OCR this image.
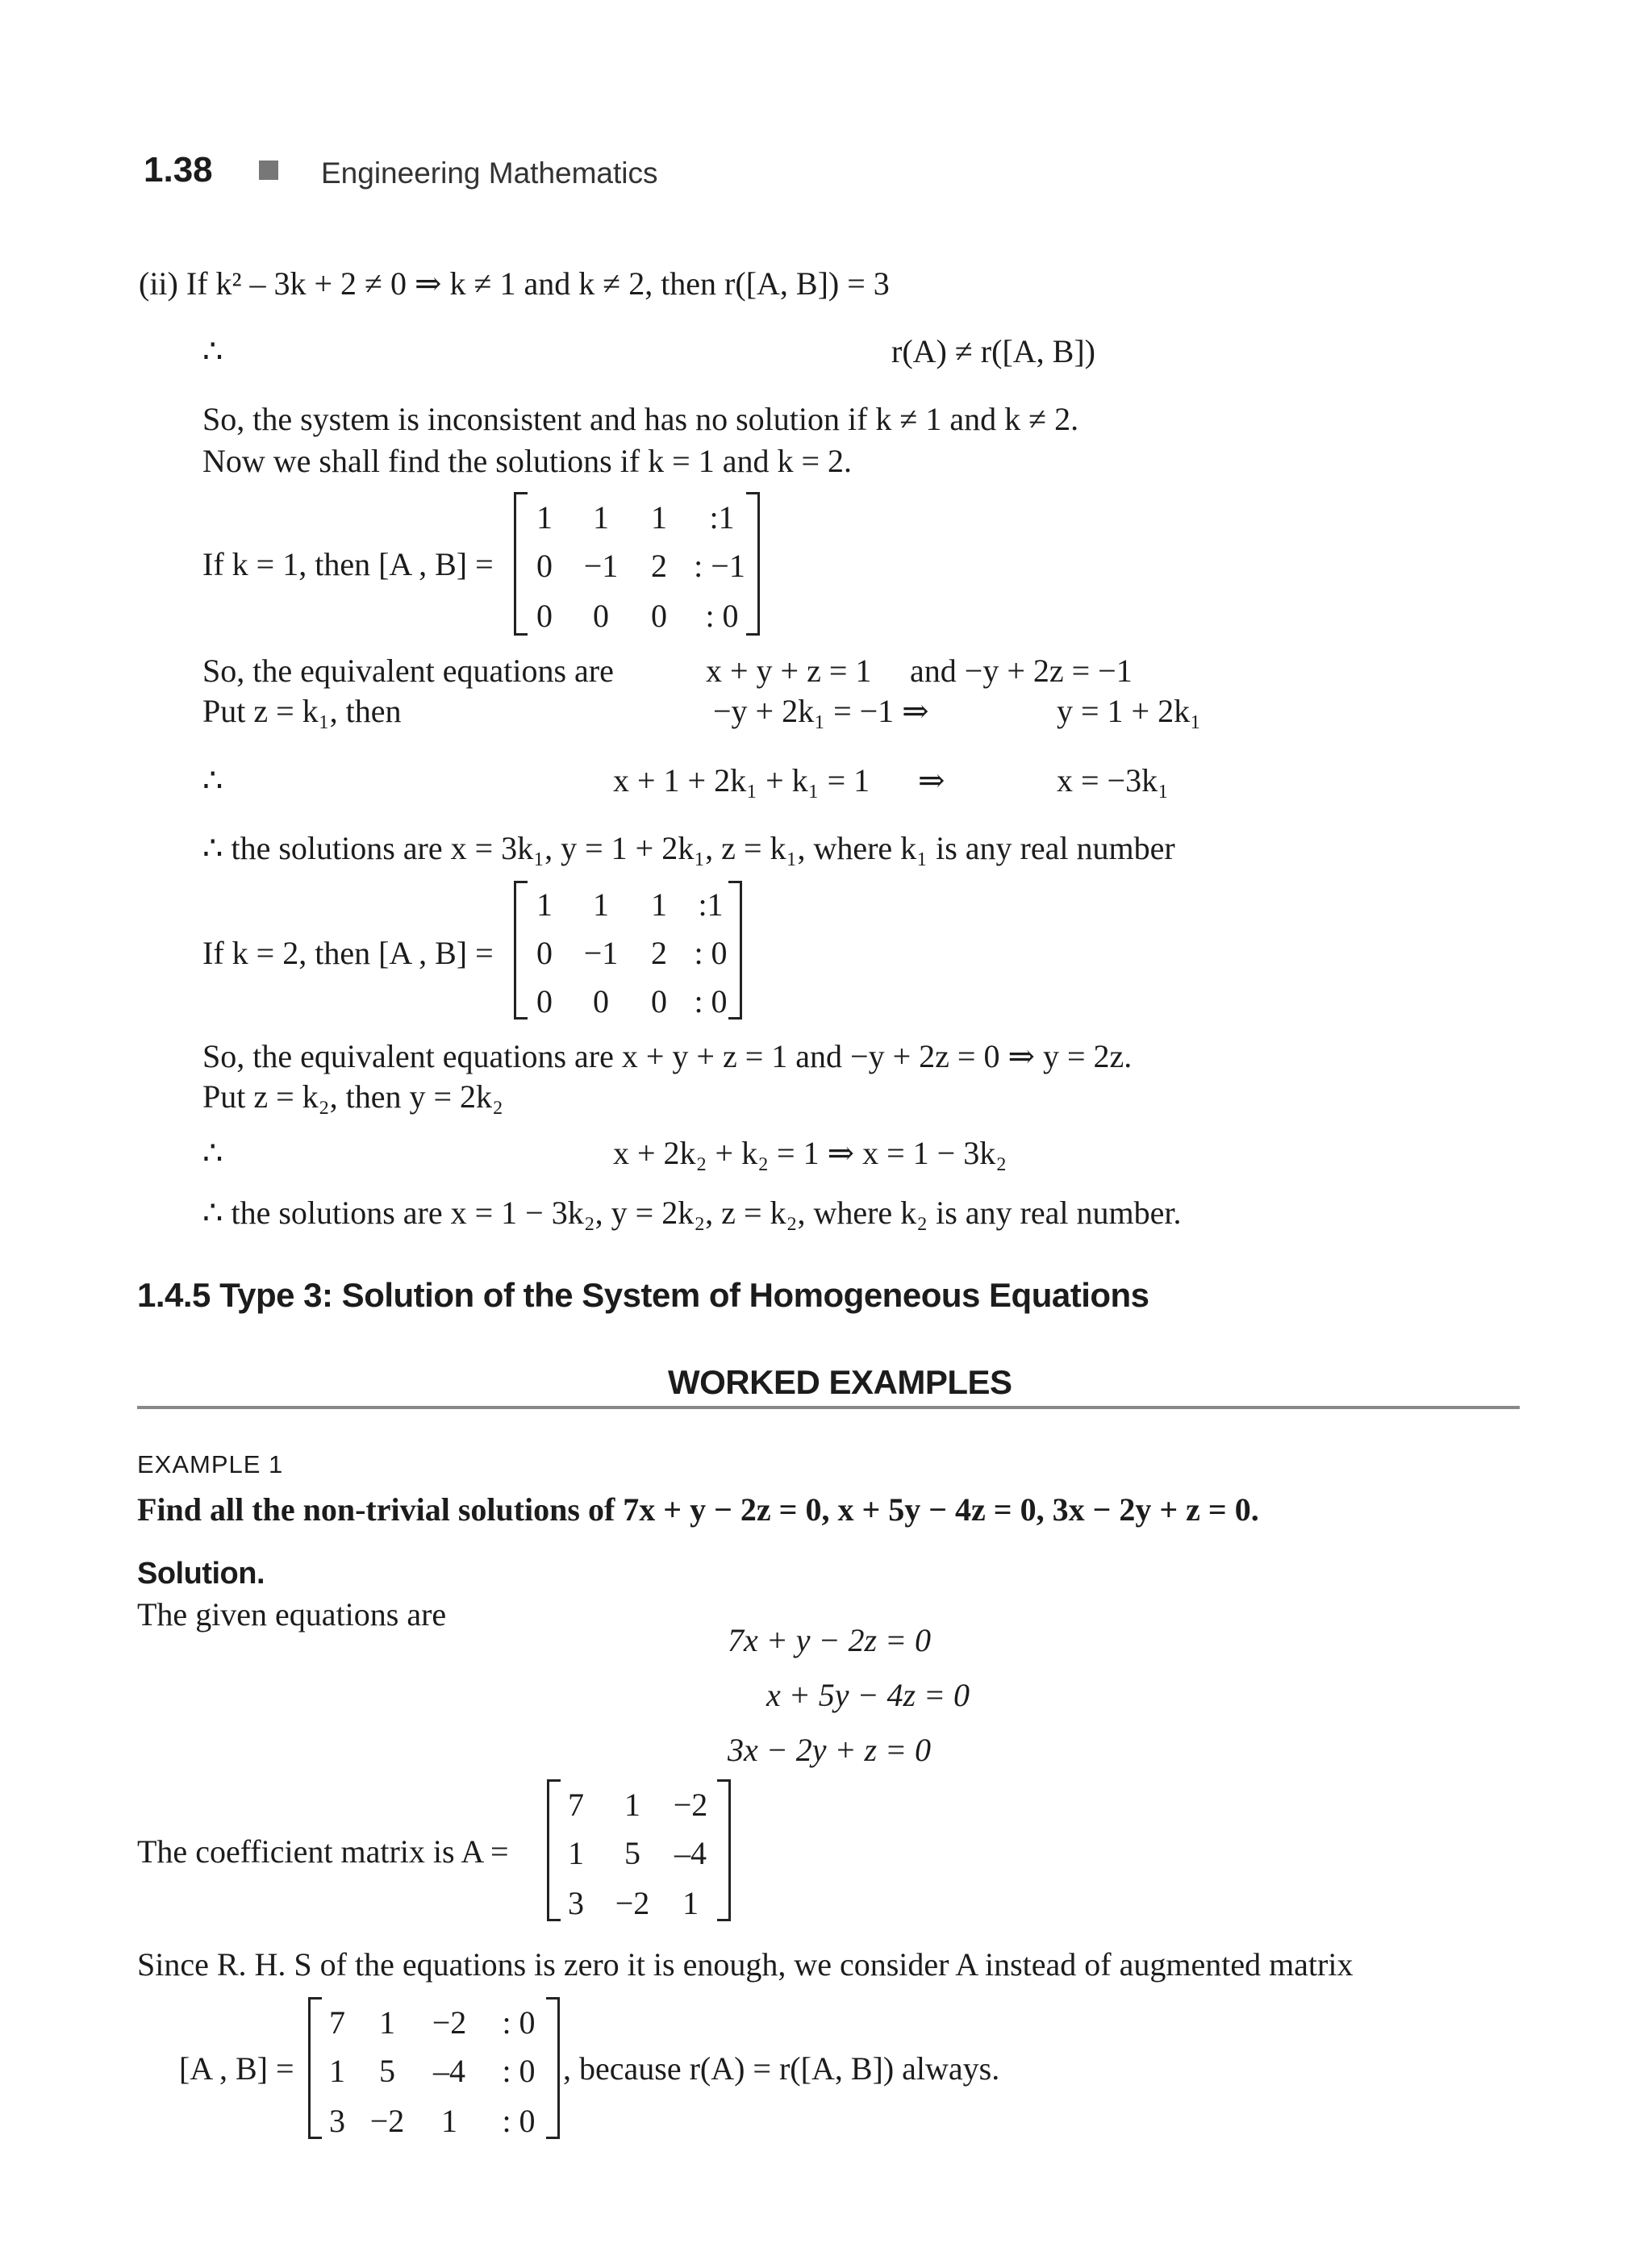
1.38	Engineering Mathematics
(ii) If k² – 3k + 2 ≠ 0 ⇒ k ≠ 1 and k ≠ 2, then r([A, B]) = 3
∴	r(A) ≠ r([A, B])
So, the system is inconsistent and has no solution if k ≠ 1 and k ≠ 2.
Now we shall find the solutions if k = 1 and k = 2.
If k = 1, then [A , B] =
1 1 1	:1
0 −1 2 : −1
0 0 0	: 0
So, the equivalent equations are	x + y + z = 1 and −y + 2z = −1
Put z = k₁, then	−y + 2k₁ = −1 ⇒	y = 1 + 2k₁
∴	x + 1 + 2k₁ + k₁ = 1 ⇒	x = −3k₁
∴ the solutions are x = 3k₁, y = 1 + 2k₁, z = k₁, where k₁ is any real number
If k = 2, then [A , B] =
1 1 1 :1
0 −1 2 : 0
0 0 0 : 0
So, the equivalent equations are x + y + z = 1 and −y + 2z = 0 ⇒ y = 2z.
Put z = k₂, then y = 2k₂
∴	x + 2k₂ + k₂ = 1 ⇒ x = 1 − 3k₂
∴ the solutions are x = 1 − 3k₂, y = 2k₂, z = k₂, where k₂ is any real number.
1.4.5 Type 3: Solution of the System of Homogeneous Equations
WORKED EXAMPLES
EXAMPLE 1
Find all the non-trivial solutions of 7x + y − 2z = 0, x + 5y − 4z = 0, 3x − 2y + z = 0.
Solution.
The given equations are
7x + y − 2z = 0
x + 5y − 4z = 0
3x − 2y + z = 0
The coefficient matrix is A =
7 1 −2
1 5 –4
3 −2	1
Since R. H. S of the equations is zero it is enough, we consider A instead of augmented matrix
[A , B] =
7 1	−2	: 0
1 5	–4	: 0
3 −2	1	: 0
, because r(A) = r([A, B]) always.
